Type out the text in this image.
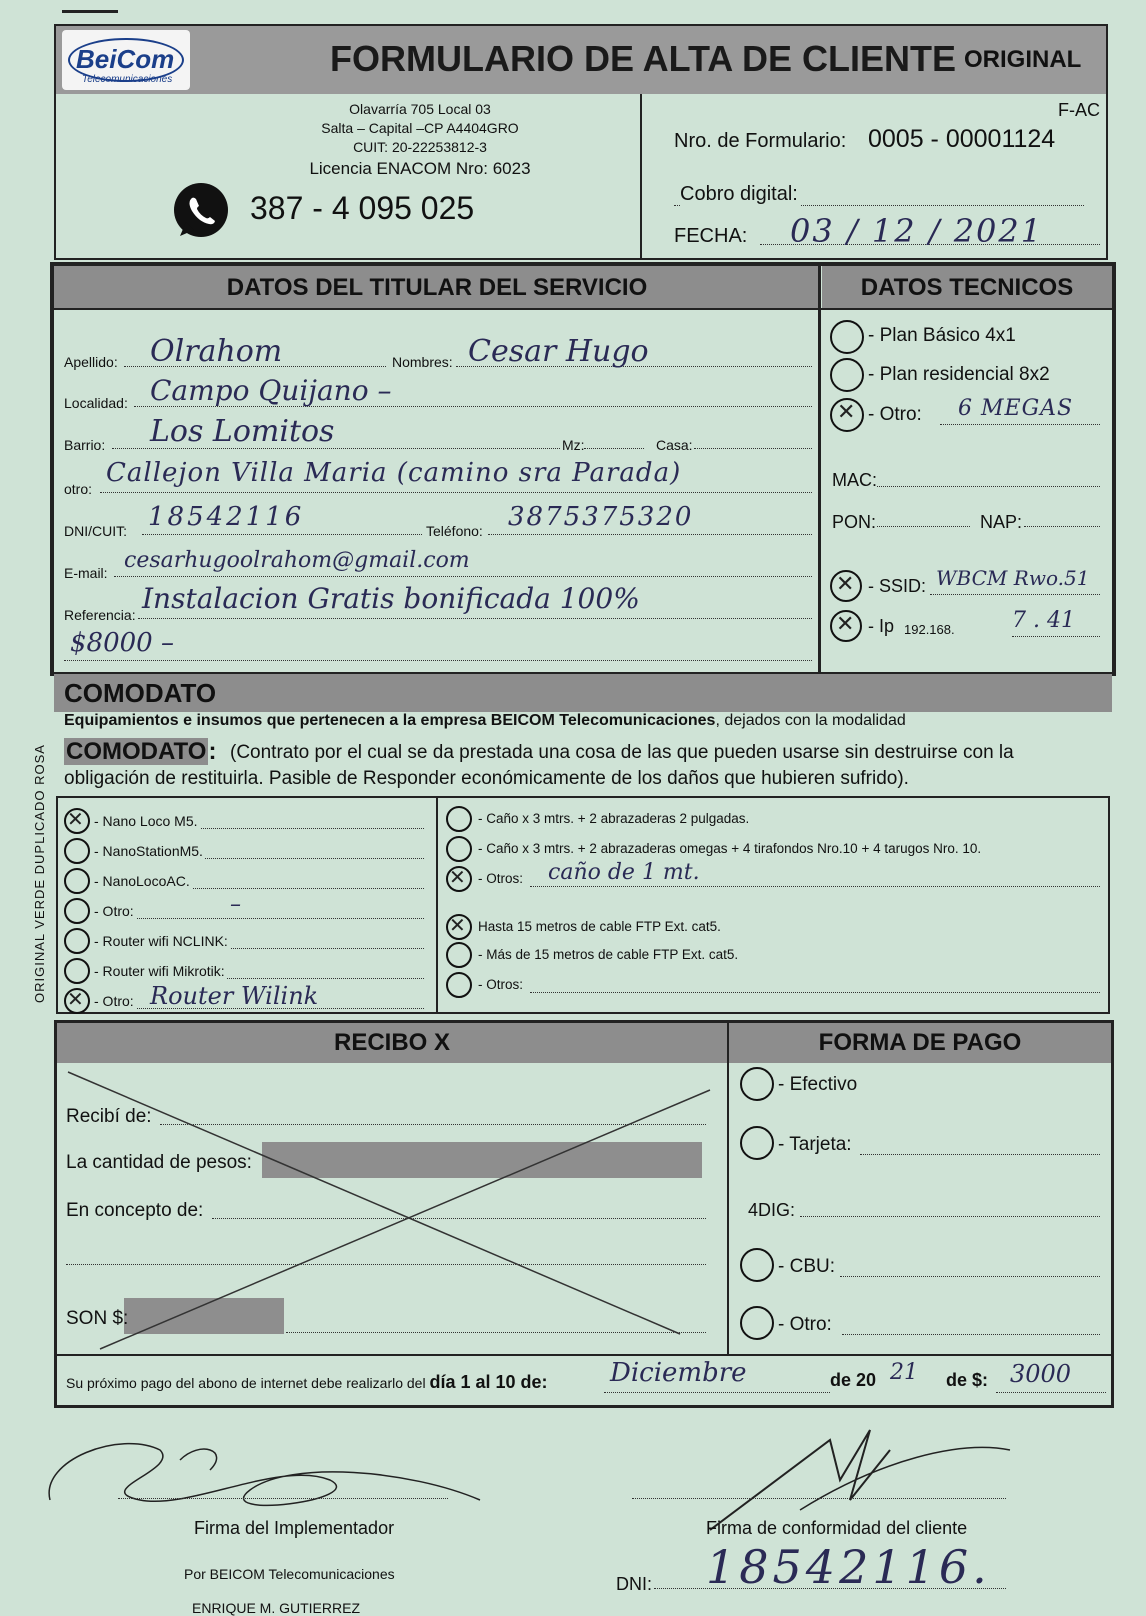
BeiCom
Telecomunicaciones
FORMULARIO DE ALTA DE CLIENTE ORIGINAL
Olavarría 705 Local 03
Salta – Capital –CP A4404GRO
CUIT: 20-22253812-3
Licencia ENACOM Nro: 6023
387 - 4 095 025
F-AC
Nro. de Formulario: 0005 - 00001124
Cobro digital:
FECHA: 03 / 12 / 2021
DATOS DEL TITULAR DEL SERVICIO	DATOS TECNICOS
Apellido: Olrahom	Nombres: Cesar Hugo
Localidad: Campo Quijano –
Barrio: Los Lomitos	Mz:	Casa:
otro:
Callejon Villa Maria (camino sra Parada)
DNI/CUIT: 18542116	Teléfono: 3875375320
E-mail: cesarhugoolrahom@gmail.com
Referencia: Instalacion Gratis bonificada 100%
$8000 –
- Plan Básico 4x1
- Plan residencial 8x2
✕ - Otro: 6 MEGAS
MAC:
PON:	NAP:
✕ - SSID: WBCM Rwo.51
✕ - Ip 192.168.	7 . 41
COMODATO
Equipamientos e insumos que pertenecen a la empresa BEICOM Telecomunicaciones, dejados con la modalidad
COMODATO: (Contrato por el cual se da prestada una cosa de las que pueden usarse sin destruirse con la
obligación de restituirla. Pasible de Responder económicamente de los daños que hubieren sufrido).
✕ - Nano Loco M5.
- NanoStationM5.
- NanoLocoAC.
- Otro:	–
- Router wifi NCLINK:
- Router wifi Mikrotik:
✕ - Otro: Router Wilink
- Caño x 3 mtrs. + 2 abrazaderas 2 pulgadas.
- Caño x 3 mtrs. + 2 abrazaderas omegas + 4 tirafondos Nro.10 + 4 tarugos Nro. 10.
✕ - Otros: caño de 1 mt.
✕ Hasta 15 metros de cable FTP Ext. cat5.
- Más de 15 metros de cable FTP Ext. cat5.
- Otros:
ORIGINAL VERDE DUPLICADO ROSA
RECIBO X	FORMA DE PAGO
Recibí de:
La cantidad de pesos:
En concepto de:
SON $:
- Efectivo
- Tarjeta:
4DIG:
- CBU:
- Otro:
Su próximo pago del abono de internet debe realizarlo del día 1 al 10 de: Diciembre	de 20 21 de $: 3000
Firma del Implementador
Por BEICOM Telecomunicaciones
ENRIQUE M. GUTIERREZ
Firma de conformidad del cliente
DNI: 18542116.
